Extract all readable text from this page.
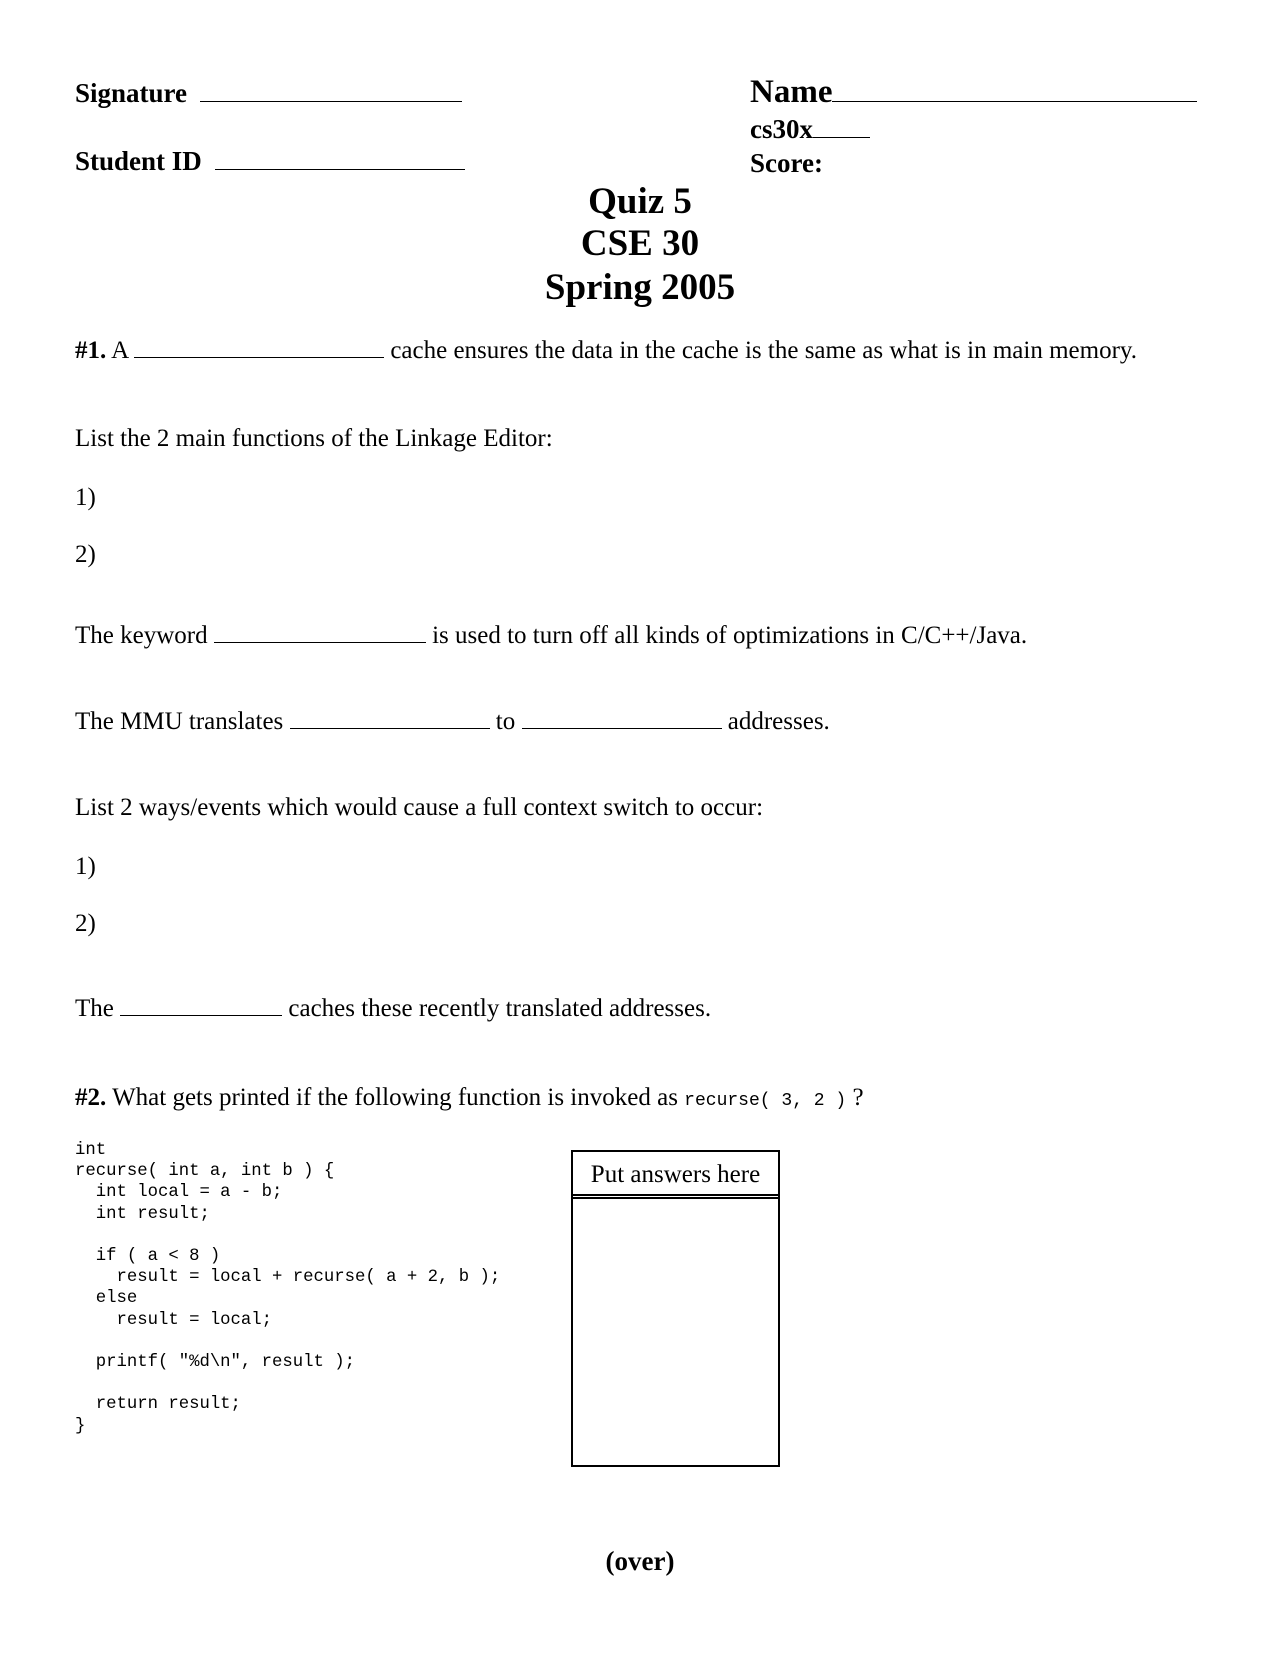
Signature
Student ID
Name
cs30x
Score:
Quiz 5
CSE 30
Spring 2005
#1. A	cache ensures the data in the cache is the same as what is in main memory.
List the 2 main functions of the Linkage Editor:
1)
2)
The keyword	is used to turn off all kinds of optimizations in C/C++/Java.
The MMU translates	to	addresses.
List 2 ways/events which would cause a full context switch to occur:
1)
2)
The	caches these recently translated addresses.
#2. What gets printed if the following function is invoked as recurse( 3, 2 ) ?
int
recurse( int a, int b ) {
int local = a - b;
int result;

if ( a < 8 )
result = local + recurse( a + 2, b );
else
result = local;

printf( "%d\n", result );

return result;
}
Put answers here
(over)
